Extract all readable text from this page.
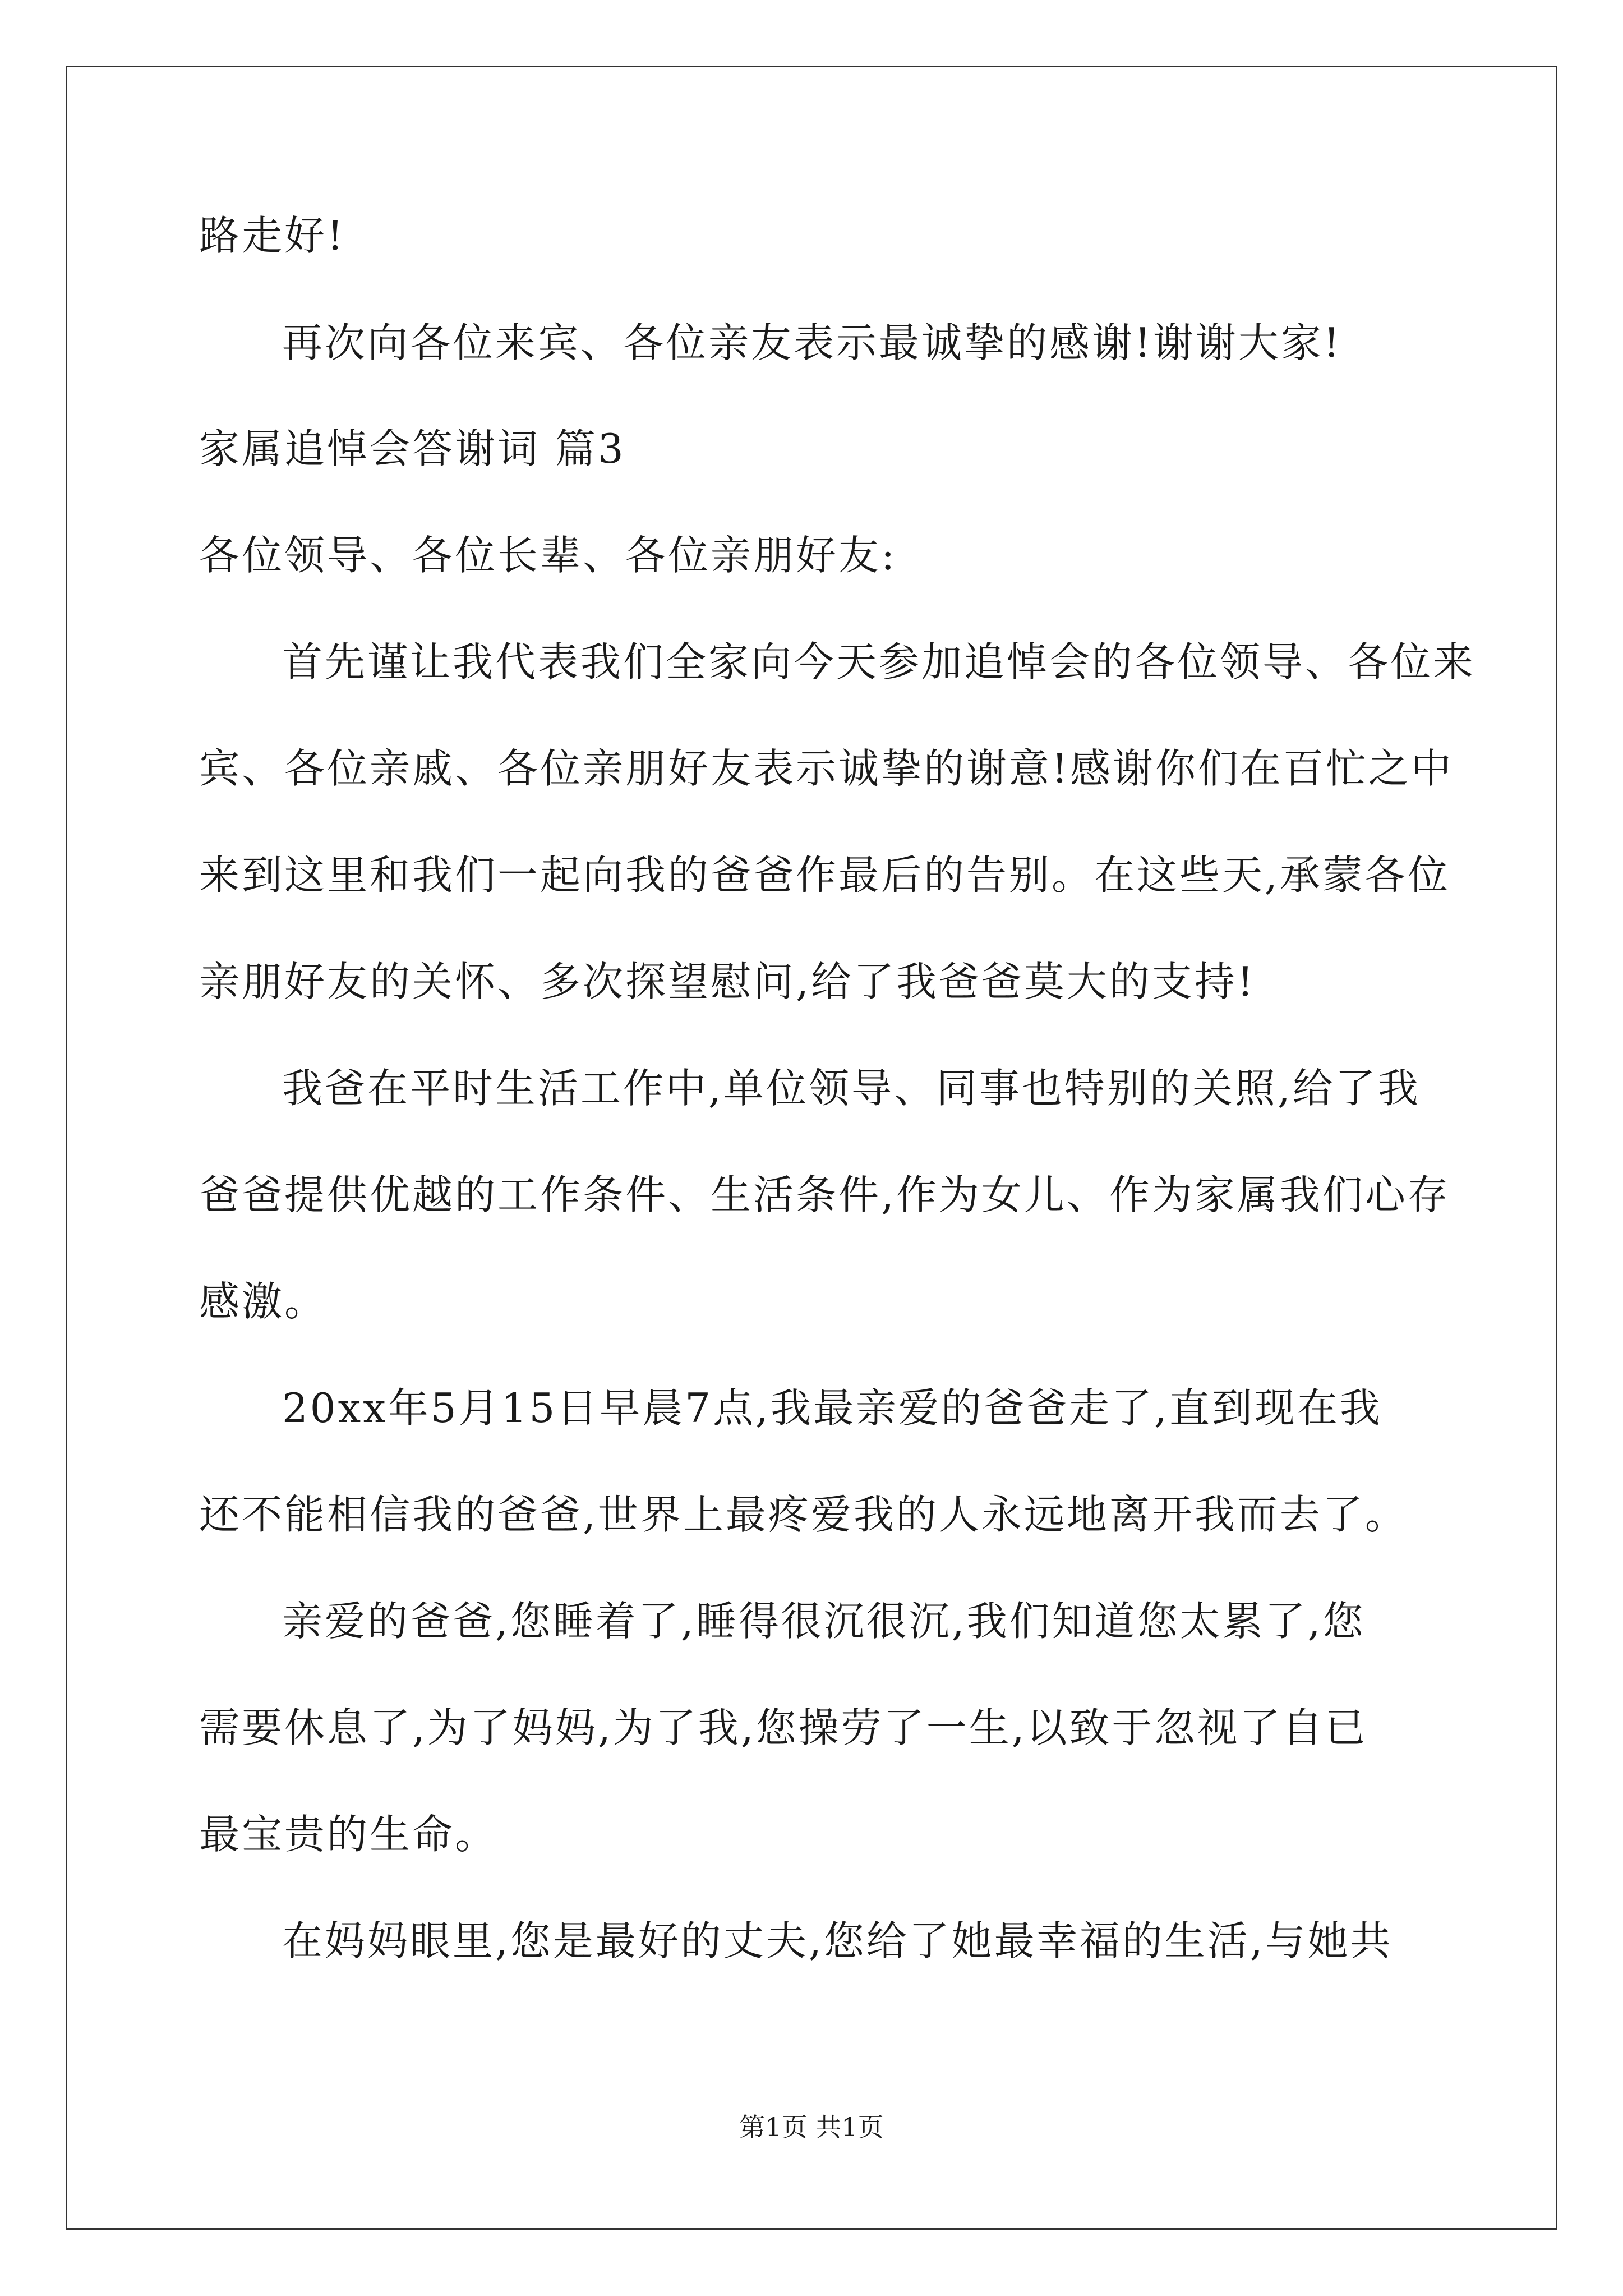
路走好!
再次向各位来宾、各位亲友表示最诚挚的感谢!谢谢大家!
家属追悼会答谢词 篇3
各位领导、各位长辈、各位亲朋好友:
首先谨让我代表我们全家向今天参加追悼会的各位领导、各位来
宾、各位亲戚、各位亲朋好友表示诚挚的谢意!感谢你们在百忙之中
来到这里和我们一起向我的爸爸作最后的告别。在这些天,承蒙各位
亲朋好友的关怀、多次探望慰问,给了我爸爸莫大的支持!
我爸在平时生活工作中,单位领导、同事也特别的关照,给了我
爸爸提供优越的工作条件、生活条件,作为女儿、作为家属我们心存
感激。
20xx年5月15日早晨7点,我最亲爱的爸爸走了,直到现在我
还不能相信我的爸爸,世界上最疼爱我的人永远地离开我而去了。
亲爱的爸爸,您睡着了,睡得很沉很沉,我们知道您太累了,您
需要休息了,为了妈妈,为了我,您操劳了一生,以致于忽视了自已
最宝贵的生命。
在妈妈眼里,您是最好的丈夫,您给了她最幸福的生活,与她共
第1页 共1页
